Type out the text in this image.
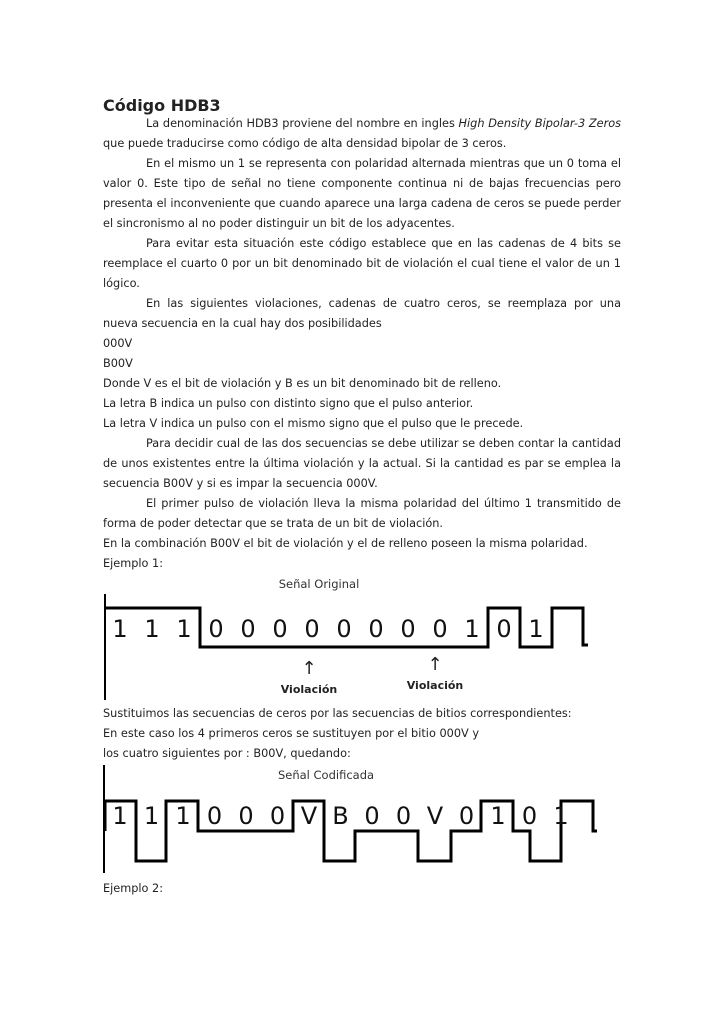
Código HDB3

La denominación HDB3 proviene del nombre en ingles High Density Bipolar-3 Zeros que puede traducirse como código de alta densidad bipolar de 3 ceros.

En el mismo un 1 se representa con polaridad alternada mientras que un 0 toma el valor 0. Este tipo de señal no tiene componente continua ni de bajas frecuencias pero presenta el inconveniente que cuando aparece una larga cadena de ceros se puede perder el sincronismo al no poder distinguir un bit de los adyacentes.

Para evitar esta situación este código establece que en las cadenas de 4 bits se reemplace el cuarto 0 por un bit denominado bit de violación el cual tiene el valor de un 1 lógico.

En las siguientes violaciones, cadenas de cuatro ceros, se reemplaza por una nueva secuencia en la cual hay dos posibilidades

000V

B00V

Donde V es el bit de violación y B es un bit denominado bit de relleno.

La letra B indica un pulso con distinto signo que el pulso anterior.

La letra V indica un pulso con el mismo signo que el pulso que le precede.

Para decidir cual de las dos secuencias se debe utilizar se deben contar la cantidad de unos existentes entre la última violación y la actual. Si la cantidad es par se emplea la secuencia B00V y si es impar la secuencia 000V.

El primer pulso de violación lleva la misma polaridad del último 1 transmitido de forma de poder detectar que se trata de un bit de violación.

En la combinación B00V el bit de violación y el de relleno poseen la misma polaridad.

Ejemplo 1:

Señal Original
1 1 1 0 0 0 0 0 0 0 0 1 0 1
↑
Violación
↑
Violación

Sustituimos las secuencias de ceros por las secuencias de bitios correspondientes:

En este caso los 4 primeros ceros se sustituyen por el bitio 000V y

los cuatro siguientes por : B00V, quedando:

Señal Codificada
1 1 1 0 0 0 V B 0 0 V 0 1 0 1

Ejemplo 2:
